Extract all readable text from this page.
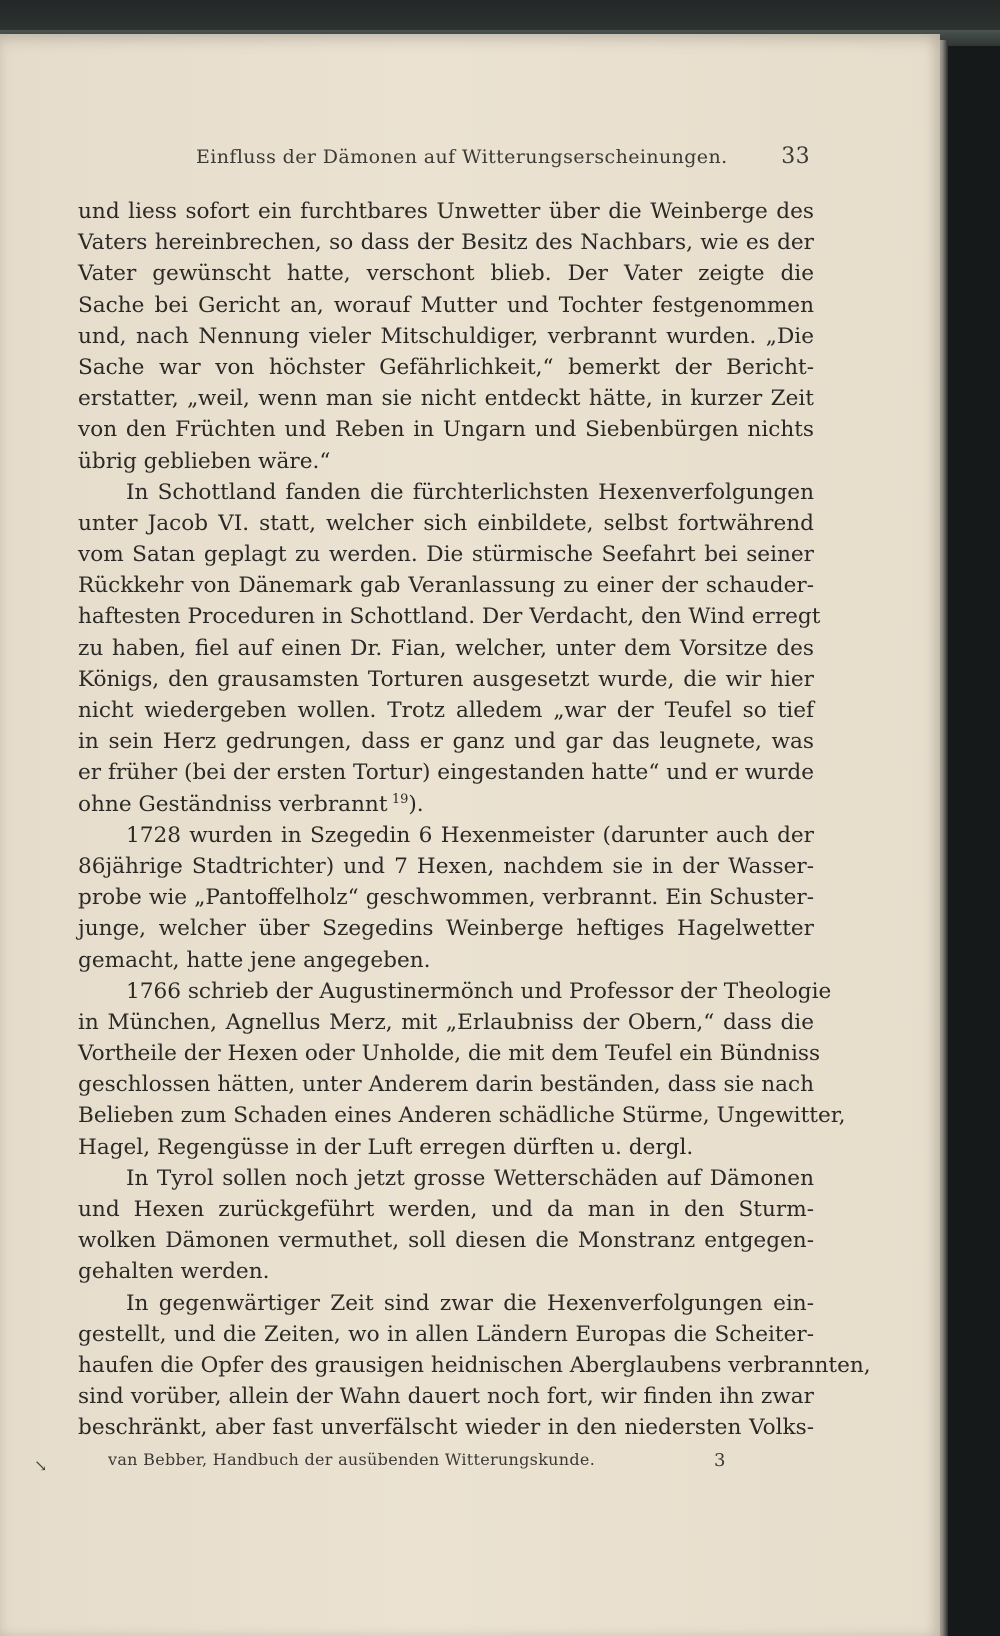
Einfluss der Dämonen auf Witterungserscheinungen. 33
und liess sofort ein furchtbares Unwetter über die Weinberge des
Vaters hereinbrechen, so dass der Besitz des Nachbars, wie es der
Vater gewünscht hatte, verschont blieb. Der Vater zeigte die
Sache bei Gericht an, worauf Mutter und Tochter festgenommen
und, nach Nennung vieler Mitschuldiger, verbrannt wurden. „Die
Sache war von höchster Gefährlichkeit,“ bemerkt der Bericht-
erstatter, „weil, wenn man sie nicht entdeckt hätte, in kurzer Zeit
von den Früchten und Reben in Ungarn und Siebenbürgen nichts
übrig geblieben wäre.“
In Schottland fanden die fürchterlichsten Hexenverfolgungen
unter Jacob VI. statt, welcher sich einbildete, selbst fortwährend
vom Satan geplagt zu werden. Die stürmische Seefahrt bei seiner
Rückkehr von Dänemark gab Veranlassung zu einer der schauder-
haftesten Proceduren in Schottland. Der Verdacht, den Wind erregt
zu haben, fiel auf einen Dr. Fian, welcher, unter dem Vorsitze des
Königs, den grausamsten Torturen ausgesetzt wurde, die wir hier
nicht wiedergeben wollen. Trotz alledem „war der Teufel so tief
in sein Herz gedrungen, dass er ganz und gar das leugnete, was
er früher (bei der ersten Tortur) eingestanden hatte“ und er wurde
ohne Geständniss verbrannt  $^{19}$).
1728 wurden in Szegedin 6 Hexenmeister (darunter auch der
86jährige Stadtrichter) und 7 Hexen, nachdem sie in der Wasser-
probe wie „Pantoffelholz“ geschwommen, verbrannt. Ein Schuster-
junge, welcher über Szegedins Weinberge heftiges Hagelwetter
gemacht, hatte jene angegeben.
1766 schrieb der Augustinermönch und Professor der Theologie
in München, Agnellus Merz, mit „Erlaubniss der Obern,“ dass die
Vortheile der Hexen oder Unholde, die mit dem Teufel ein Bündniss
geschlossen hätten, unter Anderem darin beständen, dass sie nach
Belieben zum Schaden eines Anderen schädliche Stürme, Ungewitter,
Hagel, Regengüsse in der Luft erregen dürften u. dergl.
In Tyrol sollen noch jetzt grosse Wetterschäden auf Dämonen
und Hexen zurückgeführt werden, und da man in den Sturm-
wolken Dämonen vermuthet, soll diesen die Monstranz entgegen-
gehalten werden.
In gegenwärtiger Zeit sind zwar die Hexenverfolgungen ein-
gestellt, und die Zeiten, wo in allen Ländern Europas die Scheiter-
haufen die Opfer des grausigen heidnischen Aberglaubens verbrannten,
sind vorüber, allein der Wahn dauert noch fort, wir finden ihn zwar
beschränkt, aber fast unverfälscht wieder in den niedersten Volks-
↘	van Bebber, Handbuch der ausübenden Witterungskunde.	3
